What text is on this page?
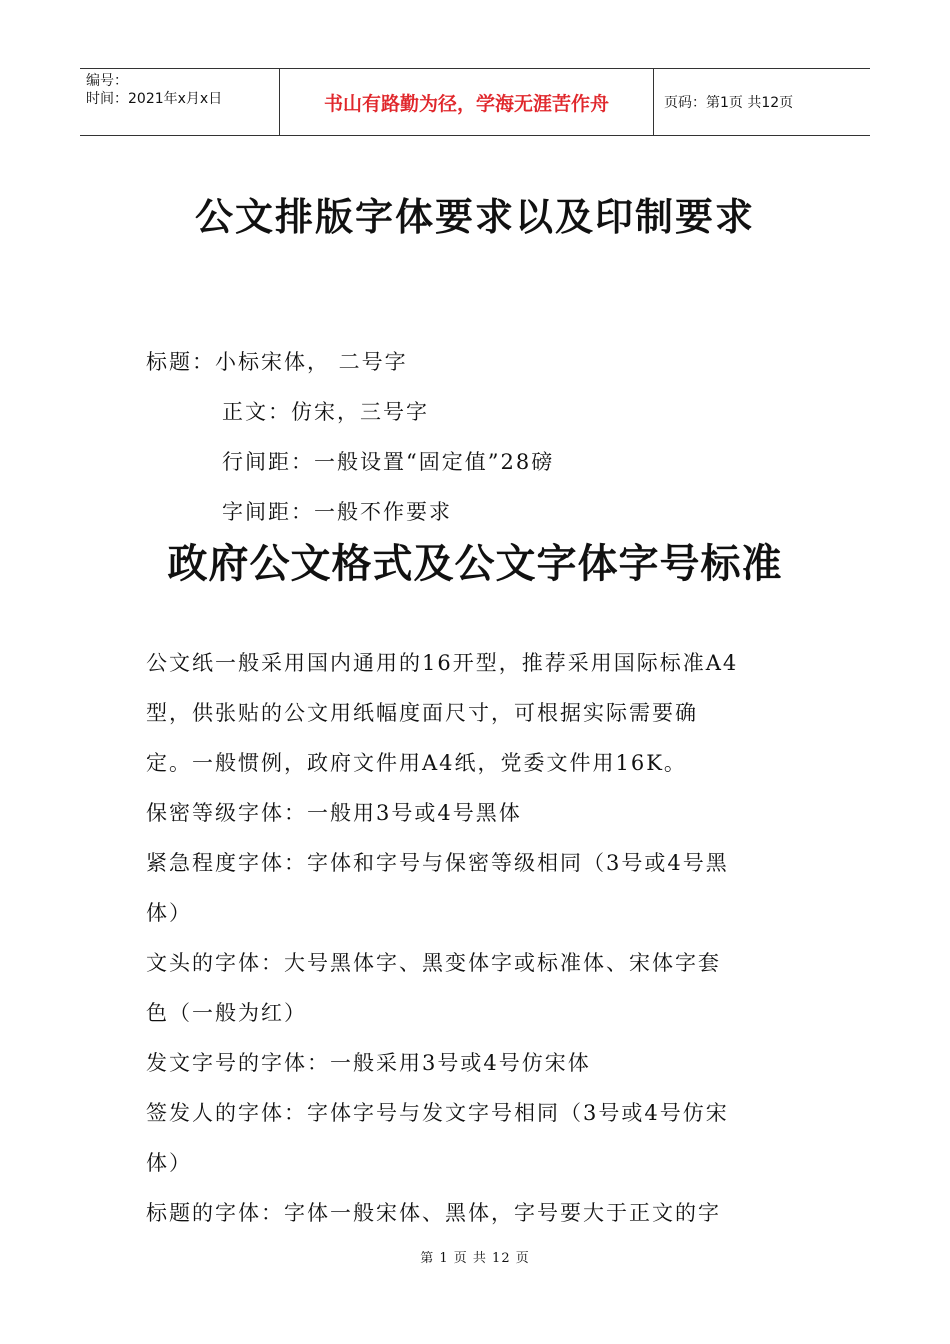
编号：
时间：2021年x月x日	书山有路勤为径，学海无涯苦作舟	页码：第1页 共12页
公文排版字体要求以及印制要求
标题：小标宋体， 二号字
正文：仿宋，三号字
行间距：一般设置“固定值”28磅
字间距：一般不作要求
政府公文格式及公文字体字号标准
公文纸一般采用国内通用的16开型，推荐采用国际标准A4
型，供张贴的公文用纸幅度面尺寸，可根据实际需要确
定。一般惯例，政府文件用A4纸，党委文件用16K。
保密等级字体：一般用3号或4号黑体
紧急程度字体：字体和字号与保密等级相同（3号或4号黑
体）
文头的字体：大号黑体字、黑变体字或标准体、宋体字套
色（一般为红）
发文字号的字体：一般采用3号或4号仿宋体
签发人的字体：字体字号与发文字号相同（3号或4号仿宋
体）
标题的字体：字体一般宋体、黑体，字号要大于正文的字
第 1 页 共 12 页
